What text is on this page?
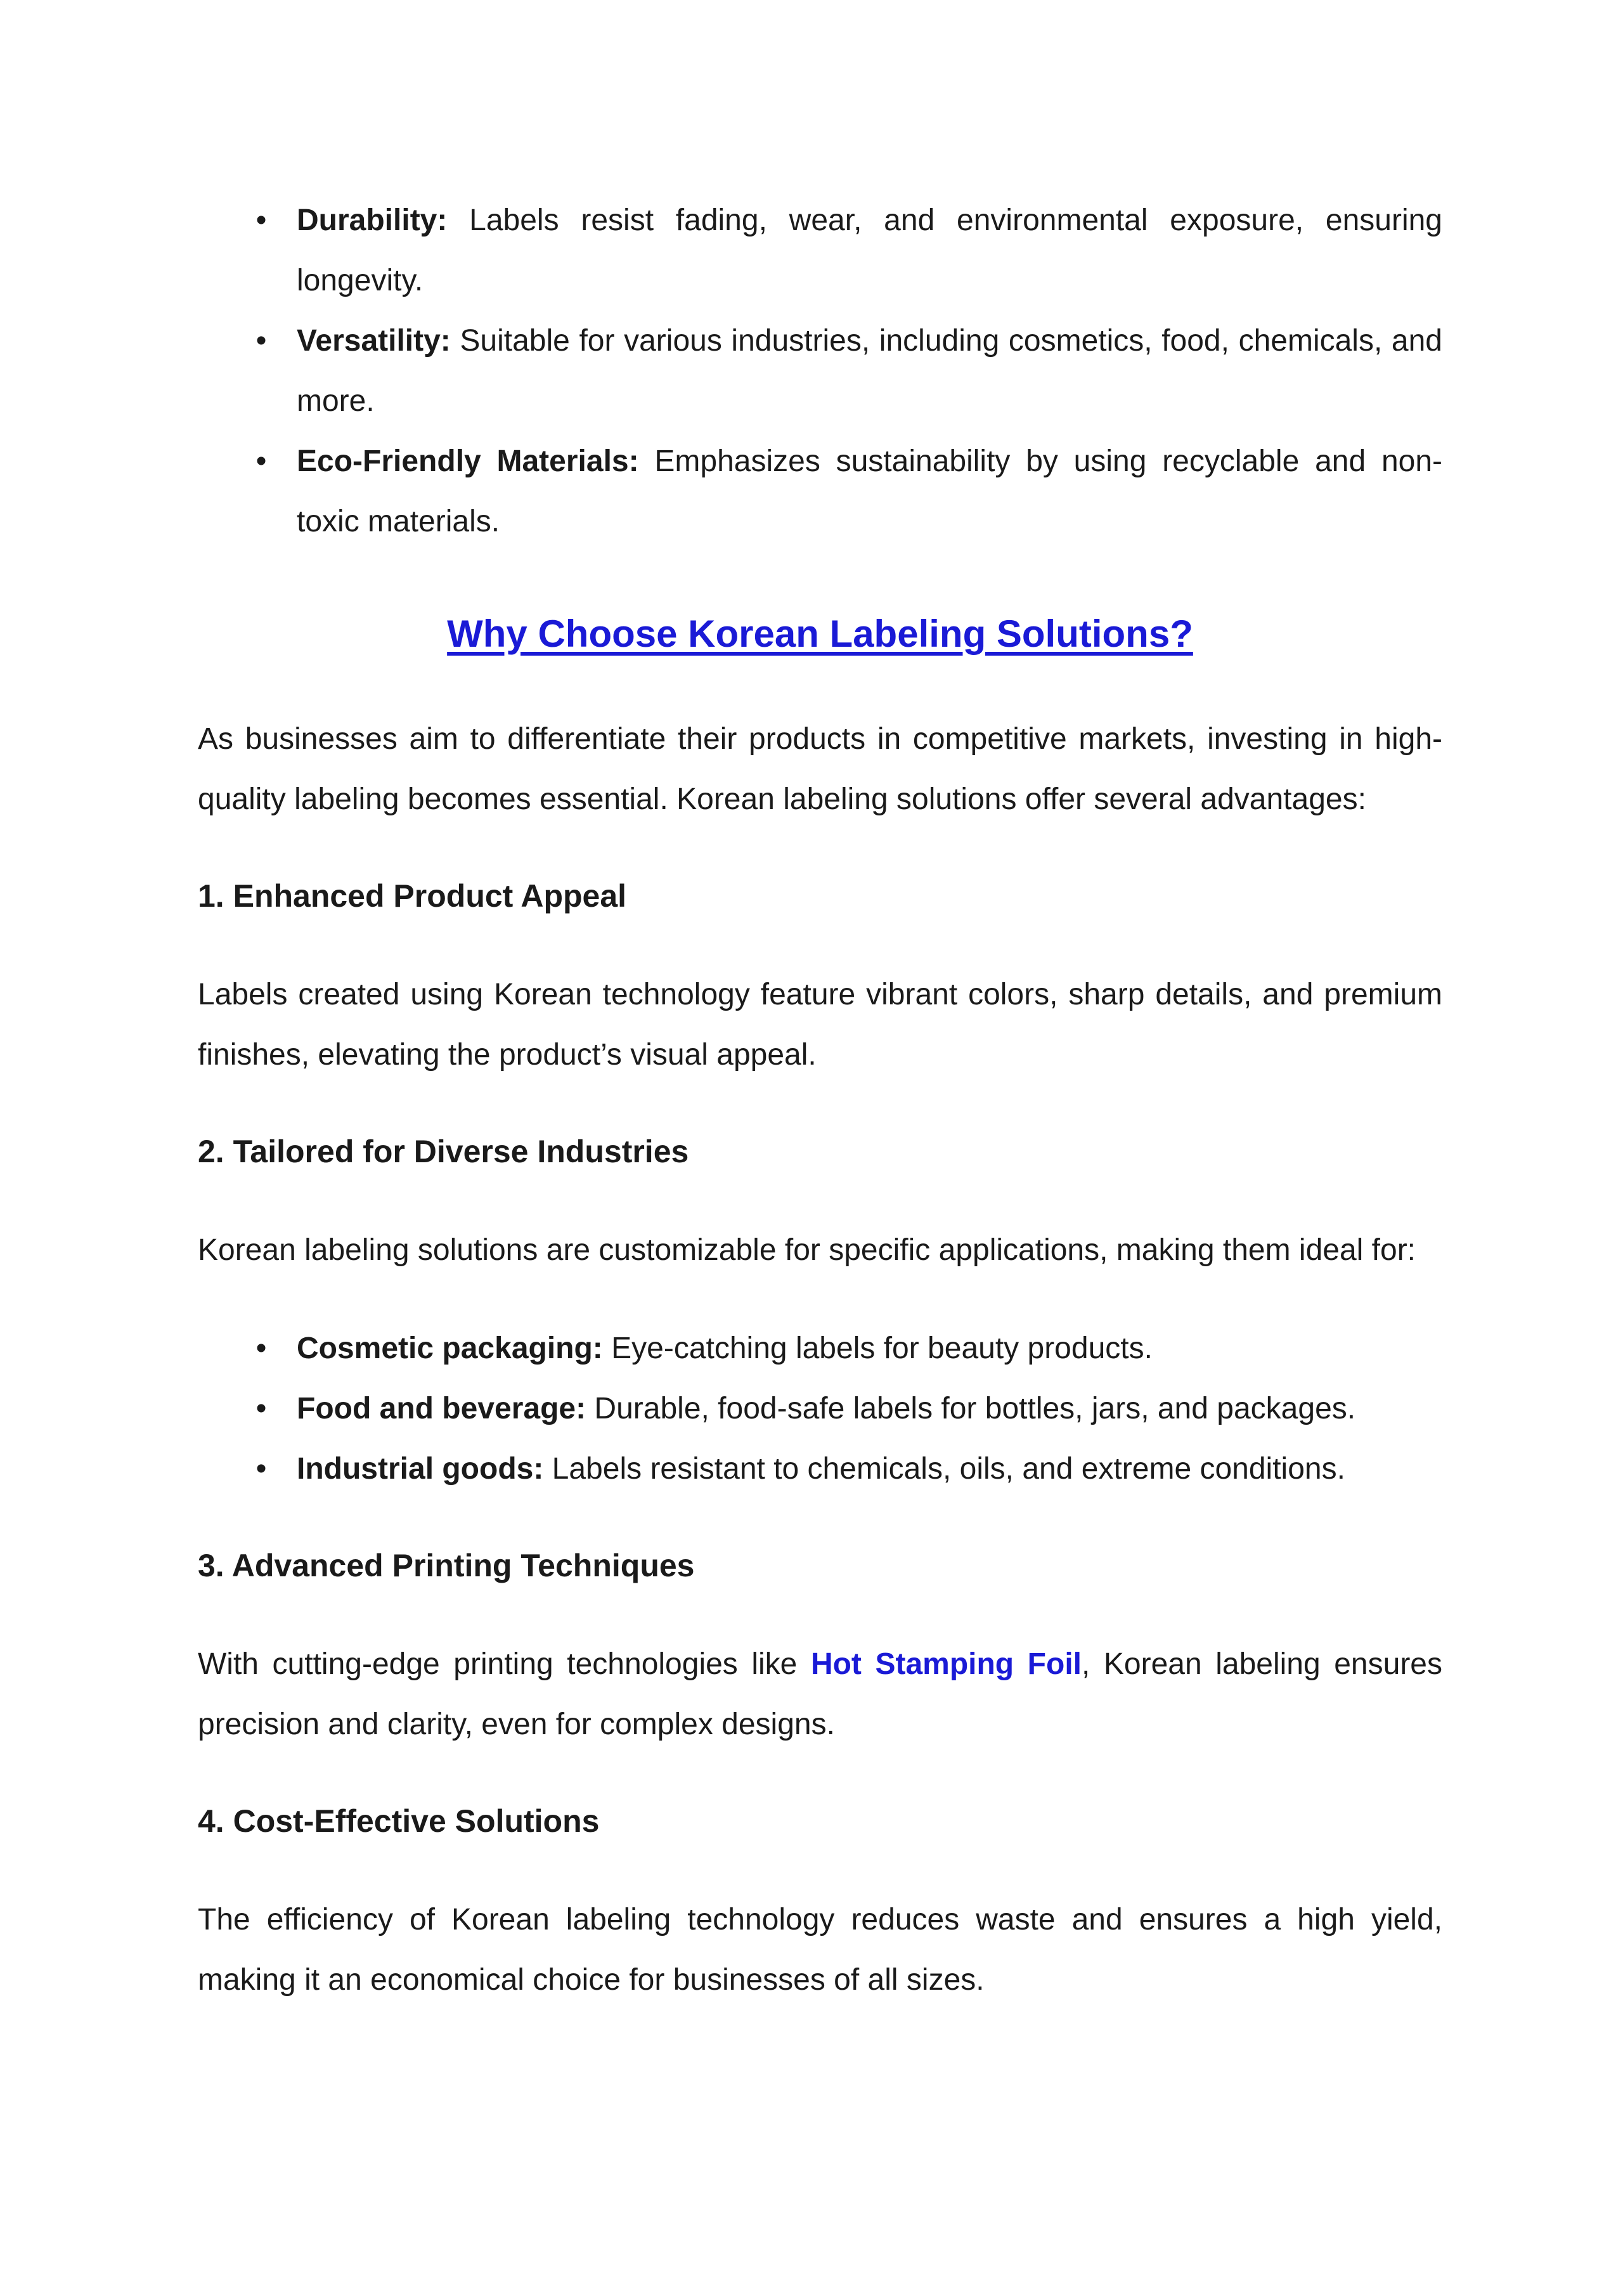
• Durability: Labels resist fading, wear, and environmental exposure, ensuring longevity.
• Versatility: Suitable for various industries, including cosmetics, food, chemicals, and more.
• Eco-Friendly Materials: Emphasizes sustainability by using recyclable and non-toxic materials.
Why Choose Korean Labeling Solutions?

As businesses aim to differentiate their products in competitive markets, investing in high-quality labeling becomes essential. Korean labeling solutions offer several advantages:

1. Enhanced Product Appeal

Labels created using Korean technology feature vibrant colors, sharp details, and premium finishes, elevating the product’s visual appeal.

2. Tailored for Diverse Industries

Korean labeling solutions are customizable for specific applications, making them ideal for:

• Cosmetic packaging: Eye-catching labels for beauty products.
• Food and beverage: Durable, food-safe labels for bottles, jars, and packages.
• Industrial goods: Labels resistant to chemicals, oils, and extreme conditions.
3. Advanced Printing Techniques

With cutting-edge printing technologies like Hot Stamping Foil, Korean labeling ensures precision and clarity, even for complex designs.

4. Cost-Effective Solutions

The efficiency of Korean labeling technology reduces waste and ensures a high yield, making it an economical choice for businesses of all sizes.
